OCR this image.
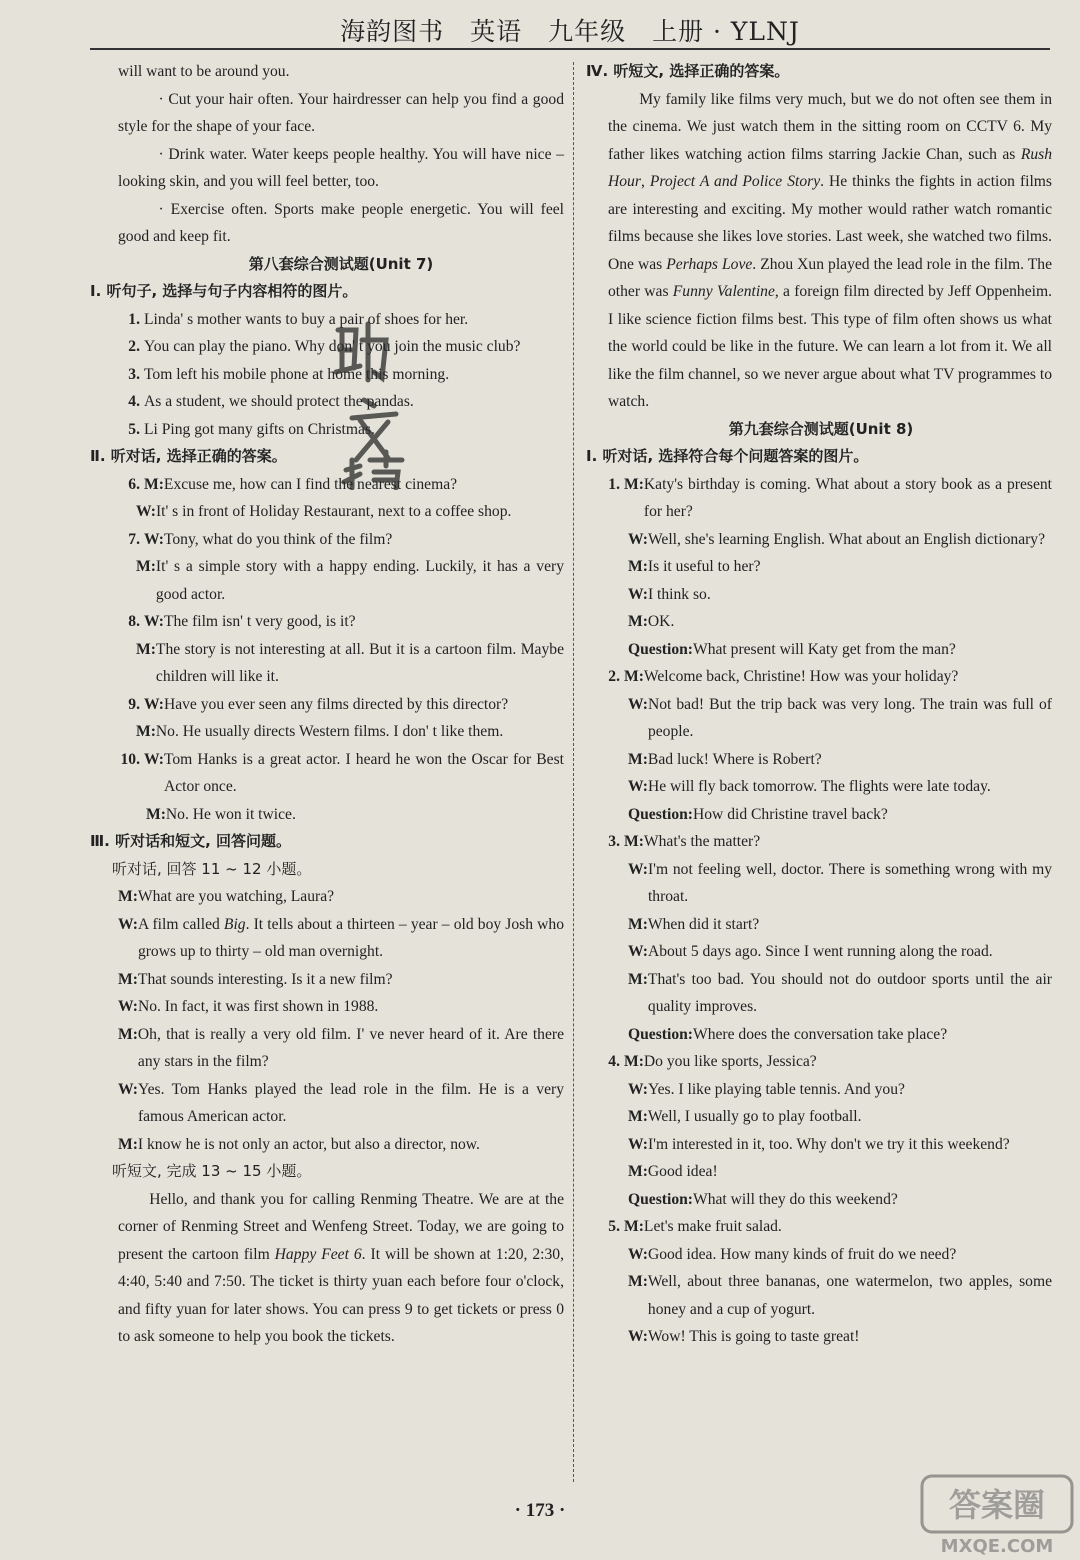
海韵图书　英语　九年级　上册 · YLNJ
will want to be around you.
· Cut your hair often. Your hairdresser can help you find a good style for the shape of your face.
· Drink water. Water keeps people healthy. You will have nice – looking skin, and you will feel better, too.
· Exercise often. Sports make people energetic. You will feel good and keep fit.
第八套综合测试题(Unit 7)
Ⅰ. 听句子, 选择与句子内容相符的图片。
1. Linda' s mother wants to buy a pair of shoes for her.
2. You can play the piano. Why don' t you join the music club?
3. Tom left his mobile phone at home this morning.
4. As a student, we should protect the pandas.
5. Li Ping got many gifts on Christmas.
Ⅱ. 听对话, 选择正确的答案。
6. M: Excuse me, how can I find the nearest cinema?
W: It' s in front of Holiday Restaurant, next to a coffee shop.
7. W: Tony, what do you think of the film?
M: It' s a simple story with a happy ending. Luckily, it has a very good actor.
8. W: The film isn' t very good, is it?
M: The story is not interesting at all. But it is a cartoon film. Maybe children will like it.
9. W: Have you ever seen any films directed by this director?
M: No. He usually directs Western films. I don' t like them.
10. W: Tom Hanks is a great actor. I heard he won the Oscar for Best Actor once.
M: No. He won it twice.
Ⅲ. 听对话和短文, 回答问题。
听对话, 回答 11 ~ 12 小题。
M: What are you watching, Laura?
W: A film called Big. It tells about a thirteen – year – old boy Josh who grows up to thirty – old man overnight.
M: That sounds interesting. Is it a new film?
W: No. In fact, it was first shown in 1988.
M: Oh, that is really a very old film. I' ve never heard of it. Are there any stars in the film?
W: Yes. Tom Hanks played the lead role in the film. He is a very famous American actor.
M: I know he is not only an actor, but also a director, now.
听短文, 完成 13 ~ 15 小题。
Hello, and thank you for calling Renming Theatre. We are at the corner of Renming Street and Wenfeng Street. Today, we are going to present the cartoon film Happy Feet 6. It will be shown at 1:20, 2:30, 4:40, 5:40 and 7:50. The ticket is thirty yuan each before four o'clock, and fifty yuan for later shows. You can press 9 to get tickets or press 0 to ask someone to help you book the tickets.
Ⅳ. 听短文, 选择正确的答案。
My family like films very much, but we do not often see them in the cinema. We just watch them in the sitting room on CCTV 6. My father likes watching action films starring Jackie Chan, such as Rush Hour, Project A and Police Story. He thinks the fights in action films are interesting and exciting. My mother would rather watch romantic films because she likes love stories. Last week, she watched two films. One was Perhaps Love. Zhou Xun played the lead role in the film. The other was Funny Valentine, a foreign film directed by Jeff Oppenheim. I like science fiction films best. This type of film often shows us what the world could be like in the future. We can learn a lot from it. We all like the film channel, so we never argue about what TV programmes to watch.
第九套综合测试题(Unit 8)
Ⅰ. 听对话, 选择符合每个问题答案的图片。
1. M: Katy's birthday is coming. What about a story book as a present for her?
W: Well, she's learning English. What about an English dictionary?
M: Is it useful to her?
W: I think so.
M: OK.
Question: What present will Katy get from the man?
2. M: Welcome back, Christine! How was your holiday?
W: Not bad! But the trip back was very long. The train was full of people.
M: Bad luck! Where is Robert?
W: He will fly back tomorrow. The flights were late today.
Question: How did Christine travel back?
3. M: What's the matter?
W: I'm not feeling well, doctor. There is something wrong with my throat.
M: When did it start?
W: About 5 days ago. Since I went running along the road.
M: That's too bad. You should not do outdoor sports until the air quality improves.
Question: Where does the conversation take place?
4. M: Do you like sports, Jessica?
W: Yes. I like playing table tennis. And you?
M: Well, I usually go to play football.
W: I'm interested in it, too. Why don't we try it this weekend?
M: Good idea!
Question: What will they do this weekend?
5. M: Let's make fruit salad.
W: Good idea. How many kinds of fruit do we need?
M: Well, about three bananas, one watermelon, two apples, some honey and a cup of yogurt.
W: Wow! This is going to taste great!
· 173 ·	答案圈
MXQE.COM
